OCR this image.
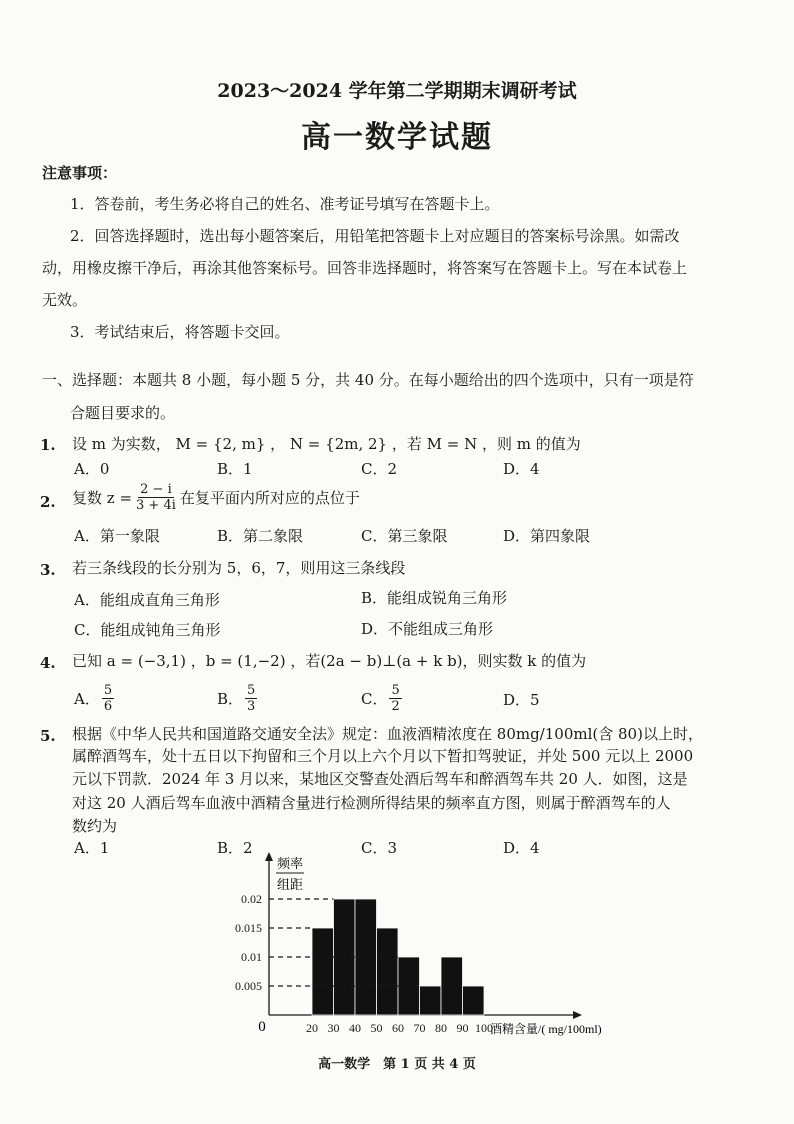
2023～2024 学年第二学期期末调研考试
高一数学试题
注意事项：
1．答卷前，考生务必将自己的姓名、准考证号填写在答题卡上。
2．回答选择题时，选出每小题答案后，用铅笔把答题卡上对应题目的答案标号涂黑。如需改
动，用橡皮擦干净后，再涂其他答案标号。回答非选择题时，将答案写在答题卡上。写在本试卷上
无效。
3．考试结束后，将答题卡交回。
一、选择题：本题共 8 小题，每小题 5 分，共 40 分。在每小题给出的四个选项中，只有一项是符
合题目要求的。
1. 设 m 为实数， M = {2, m} ， N = {2m, 2} ，若 M = N ，则 m 的值为
A．0	B．1	C．2	D．4
2. 复数 $z = \frac{2 - i}{3 + 4i}$ 在复平面内所对应的点位于
A．第一象限	B．第二象限	C．第三象限	D．第四象限
3. 若三条线段的长分别为 5，6，7，则用这三条线段
A．能组成直角三角形	B．能组成锐角三角形
C．能组成钝角三角形	D．不能组成三角形
4. 已知 a = (−3,1) ，b = (1,−2) ，若(2a − b)⊥(a + k b)，则实数 k 的值为
A． $\frac{5}{6}$	B． $\frac{5}{3}$	C． $\frac{5}{2}$	D．5
5. 根据《中华人民共和国道路交通安全法》规定：血液酒精浓度在 80mg/100ml(含 80)以上时，
属醉酒驾车，处十五日以下拘留和三个月以上六个月以下暂扣驾驶证，并处 500 元以上 2000
元以下罚款．2024 年 3 月以来，某地区交警查处酒后驾车和醉酒驾车共 20 人．如图，这是
对这 20 人酒后驾车血液中酒精含量进行检测所得结果的频率直方图，则属于醉酒驾车的人
数约为
A．1	B．2	C．3	D．4
频率
组距
0	酒精含量/( mg/100ml)
0.005
0.01
0.015
0.02
20 30 40 50 60 70 80 90 100
高一数学　第 1 页 共 4 页
